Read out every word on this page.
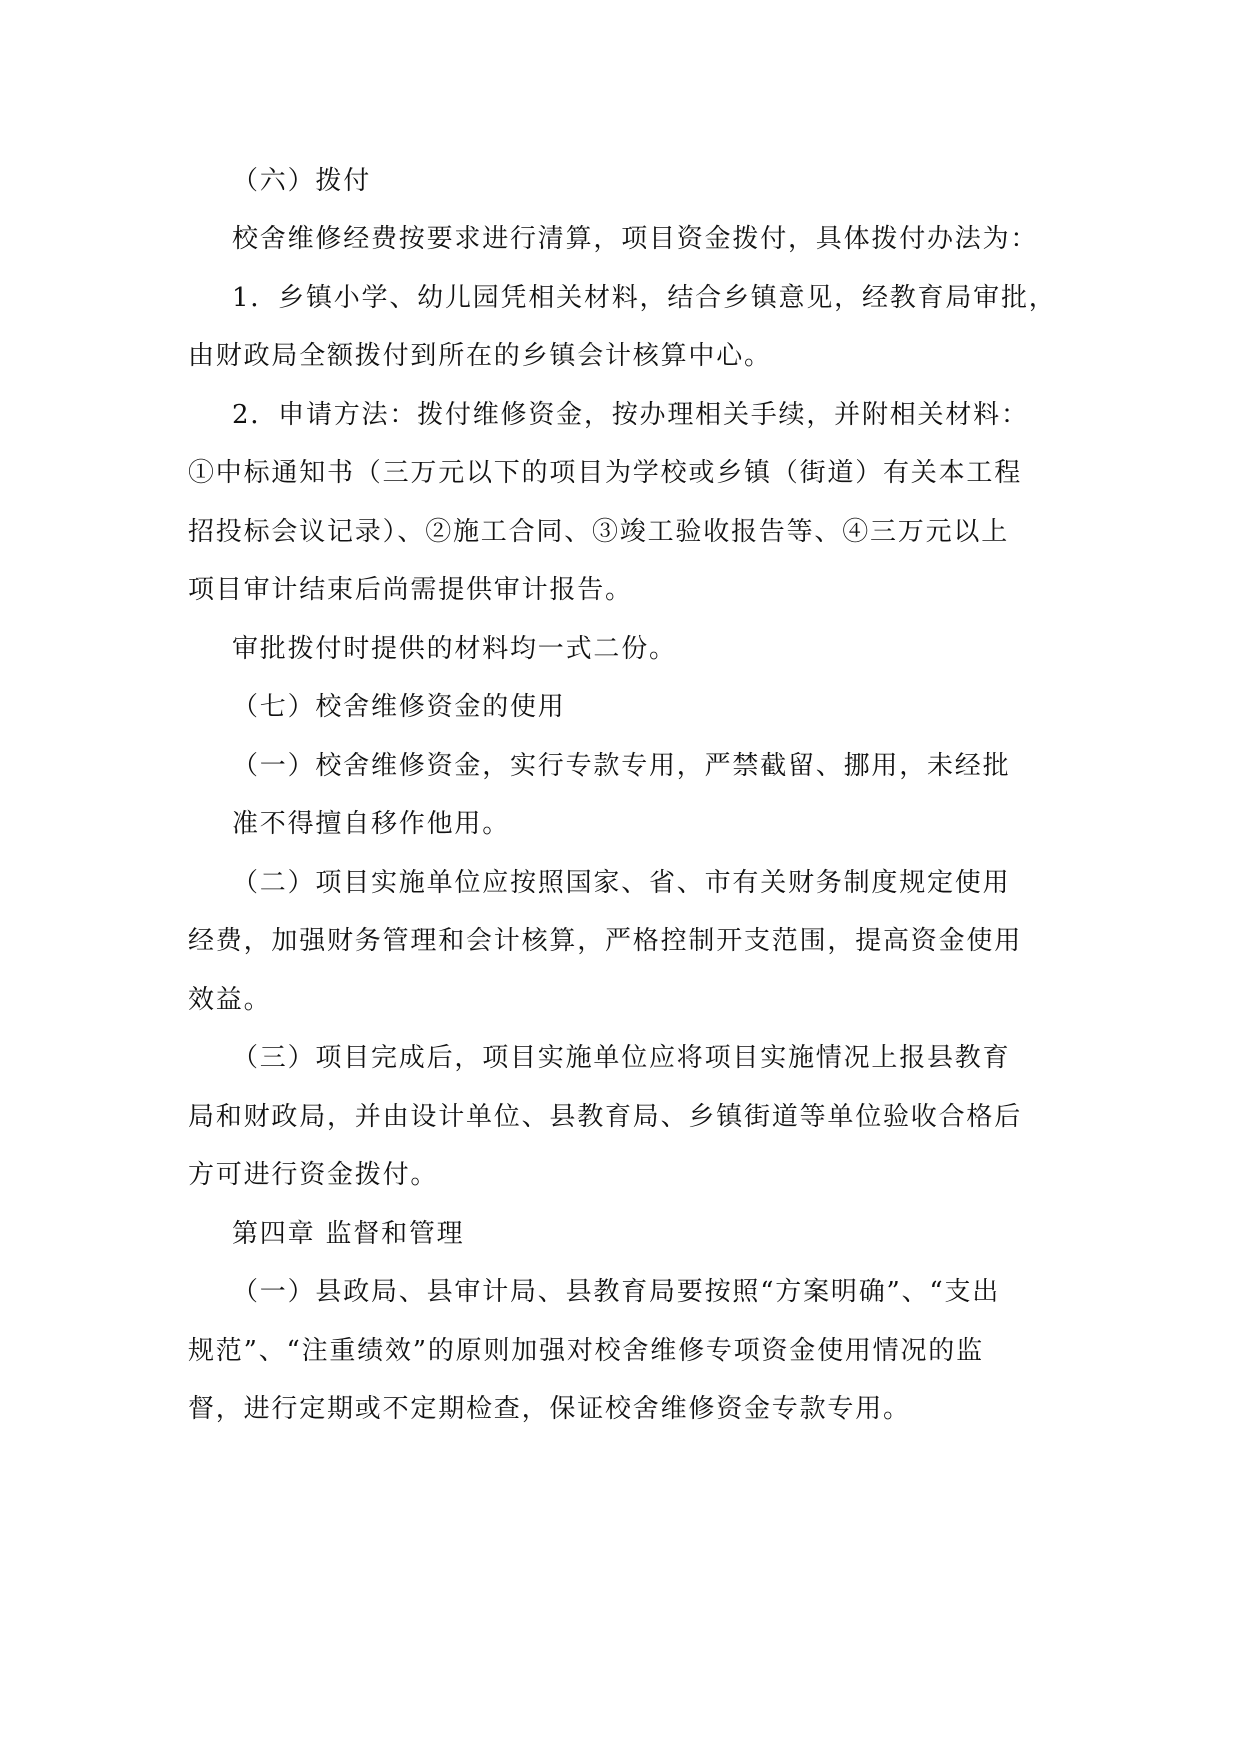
（六）拨付

校舍维修经费按要求进行清算，项目资金拨付，具体拨付办法为：

1．乡镇小学、幼儿园凭相关材料，结合乡镇意见，经教育局审批，

由财政局全额拨付到所在的乡镇会计核算中心。

2．申请方法：拨付维修资金，按办理相关手续，并附相关材料：

①中标通知书（三万元以下的项目为学校或乡镇（街道）有关本工程

招投标会议记录）、②施工合同、③竣工验收报告等、④三万元以上

项目审计结束后尚需提供审计报告。

审批拨付时提供的材料均一式二份。

（七）校舍维修资金的使用

（一）校舍维修资金，实行专款专用，严禁截留、挪用，未经批

准不得擅自移作他用。

（二）项目实施单位应按照国家、省、市有关财务制度规定使用

经费，加强财务管理和会计核算，严格控制开支范围，提高资金使用

效益。

（三）项目完成后，项目实施单位应将项目实施情况上报县教育

局和财政局，并由设计单位、县教育局、乡镇街道等单位验收合格后

方可进行资金拨付。

第四章 监督和管理

（一）县政局、县审计局、县教育局要按照“方案明确”、“支出

规范”、“注重绩效”的原则加强对校舍维修专项资金使用情况的监

督，进行定期或不定期检查，保证校舍维修资金专款专用。
